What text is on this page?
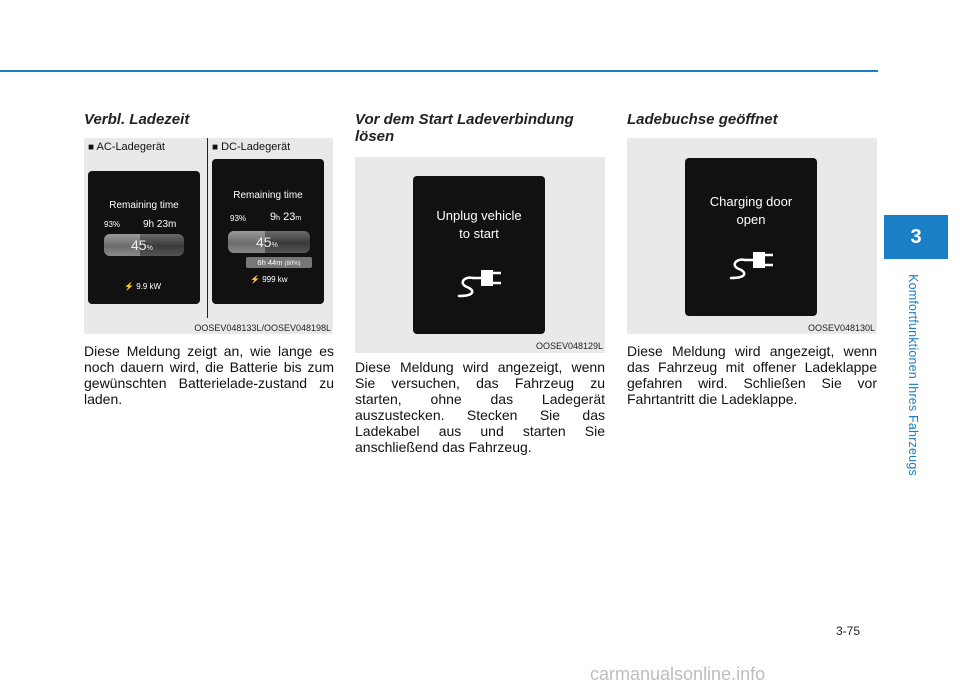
Verbl. Ladezeit
■ AC-Ladegerät	■ DC-Ladegerät
Remaining time
93% 9h 23m
45%
⚡ 9.9 kW
Remaining time
93% 9h 23m
45%
6h 44m (80%)
⚡ 999 kw
OOSEV048133L/OOSEV048198L
Diese Meldung zeigt an, wie lange es noch dauern wird, die Batterie bis zum gewünschten Batterielade-zustand zu laden.
Vor dem Start Ladeverbindung lösen
Unplug vehicle
to start
OOSEV048129L
Diese Meldung wird angezeigt, wenn Sie versuchen, das Fahrzeug zu starten, ohne das Ladegerät auszustecken. Stecken Sie das Ladekabel aus und starten Sie anschließend das Fahrzeug.
Ladebuchse geöffnet
Charging door
open
OOSEV048130L
Diese Meldung wird angezeigt, wenn das Fahrzeug mit offener Ladeklappe gefahren wird. Schließen Sie vor Fahrtantritt die Ladeklappe.
3
Komfortfunktionen Ihres Fahrzeugs
3-75
carmanualsonline.info
